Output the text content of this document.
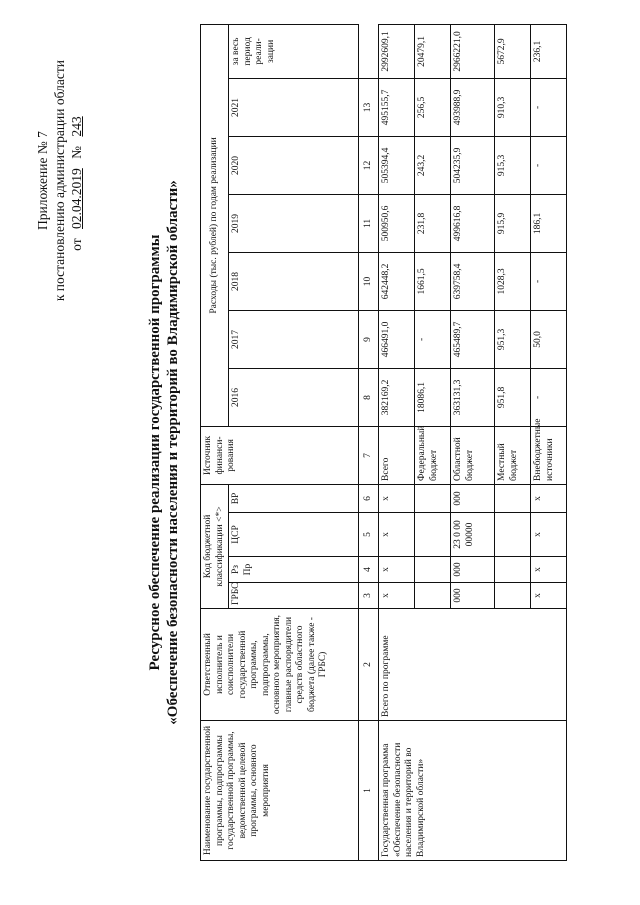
Приложение № 7 к постановлению администрации области от 02.04.2019 № 243
Ресурсное обеспечение реализации государственной программы «Обеспечение безопасности населения и территорий во Владимирской области»
Наименование государственной программы, подпрограммы государственной программы, ведомственной целевой программы, основного мероприятия	Ответственный исполнитель и соисполнители государственной программы, подпрограммы, основного мероприятия, главные распорядители средств областного бюджета (далее также - ГРБС)	Код бюджетной классификации <*>				Источник финанси-рования	Расходы (тыс. рублей) по годам реализации						
		ГРБС	Рз Пр	ЦСР	ВР		2016	2017	2018	2019	2020	2021	за весь период реали-зации

1	2	3	4	5	6	7	8	9	10	11	12	13	
Государственная программа «Обеспечение безопасности населения и территорий во Владимирской области»	Всего по программе	х	х	х	х	Всего	382169,2	466491,0	642448,2	500950,6	505394,4	495155,7	2992609,1
						Федеральный бюджет	18086,1	-	1661,5	231,8	243,2	256,5	20479,1
		000	000	23 0 00 00000	000	Областной бюджет	363131,3	465489,7	639758,4	499616,8	504235,9	493988,9	2966221,0
						Местный бюджет	951,8	951,3	1028,3	915,9	915,3	910,3	5672,9
		х	х	х	х	Внебюджетные источники	-	50,0	-	186,1	-	-	236,1
